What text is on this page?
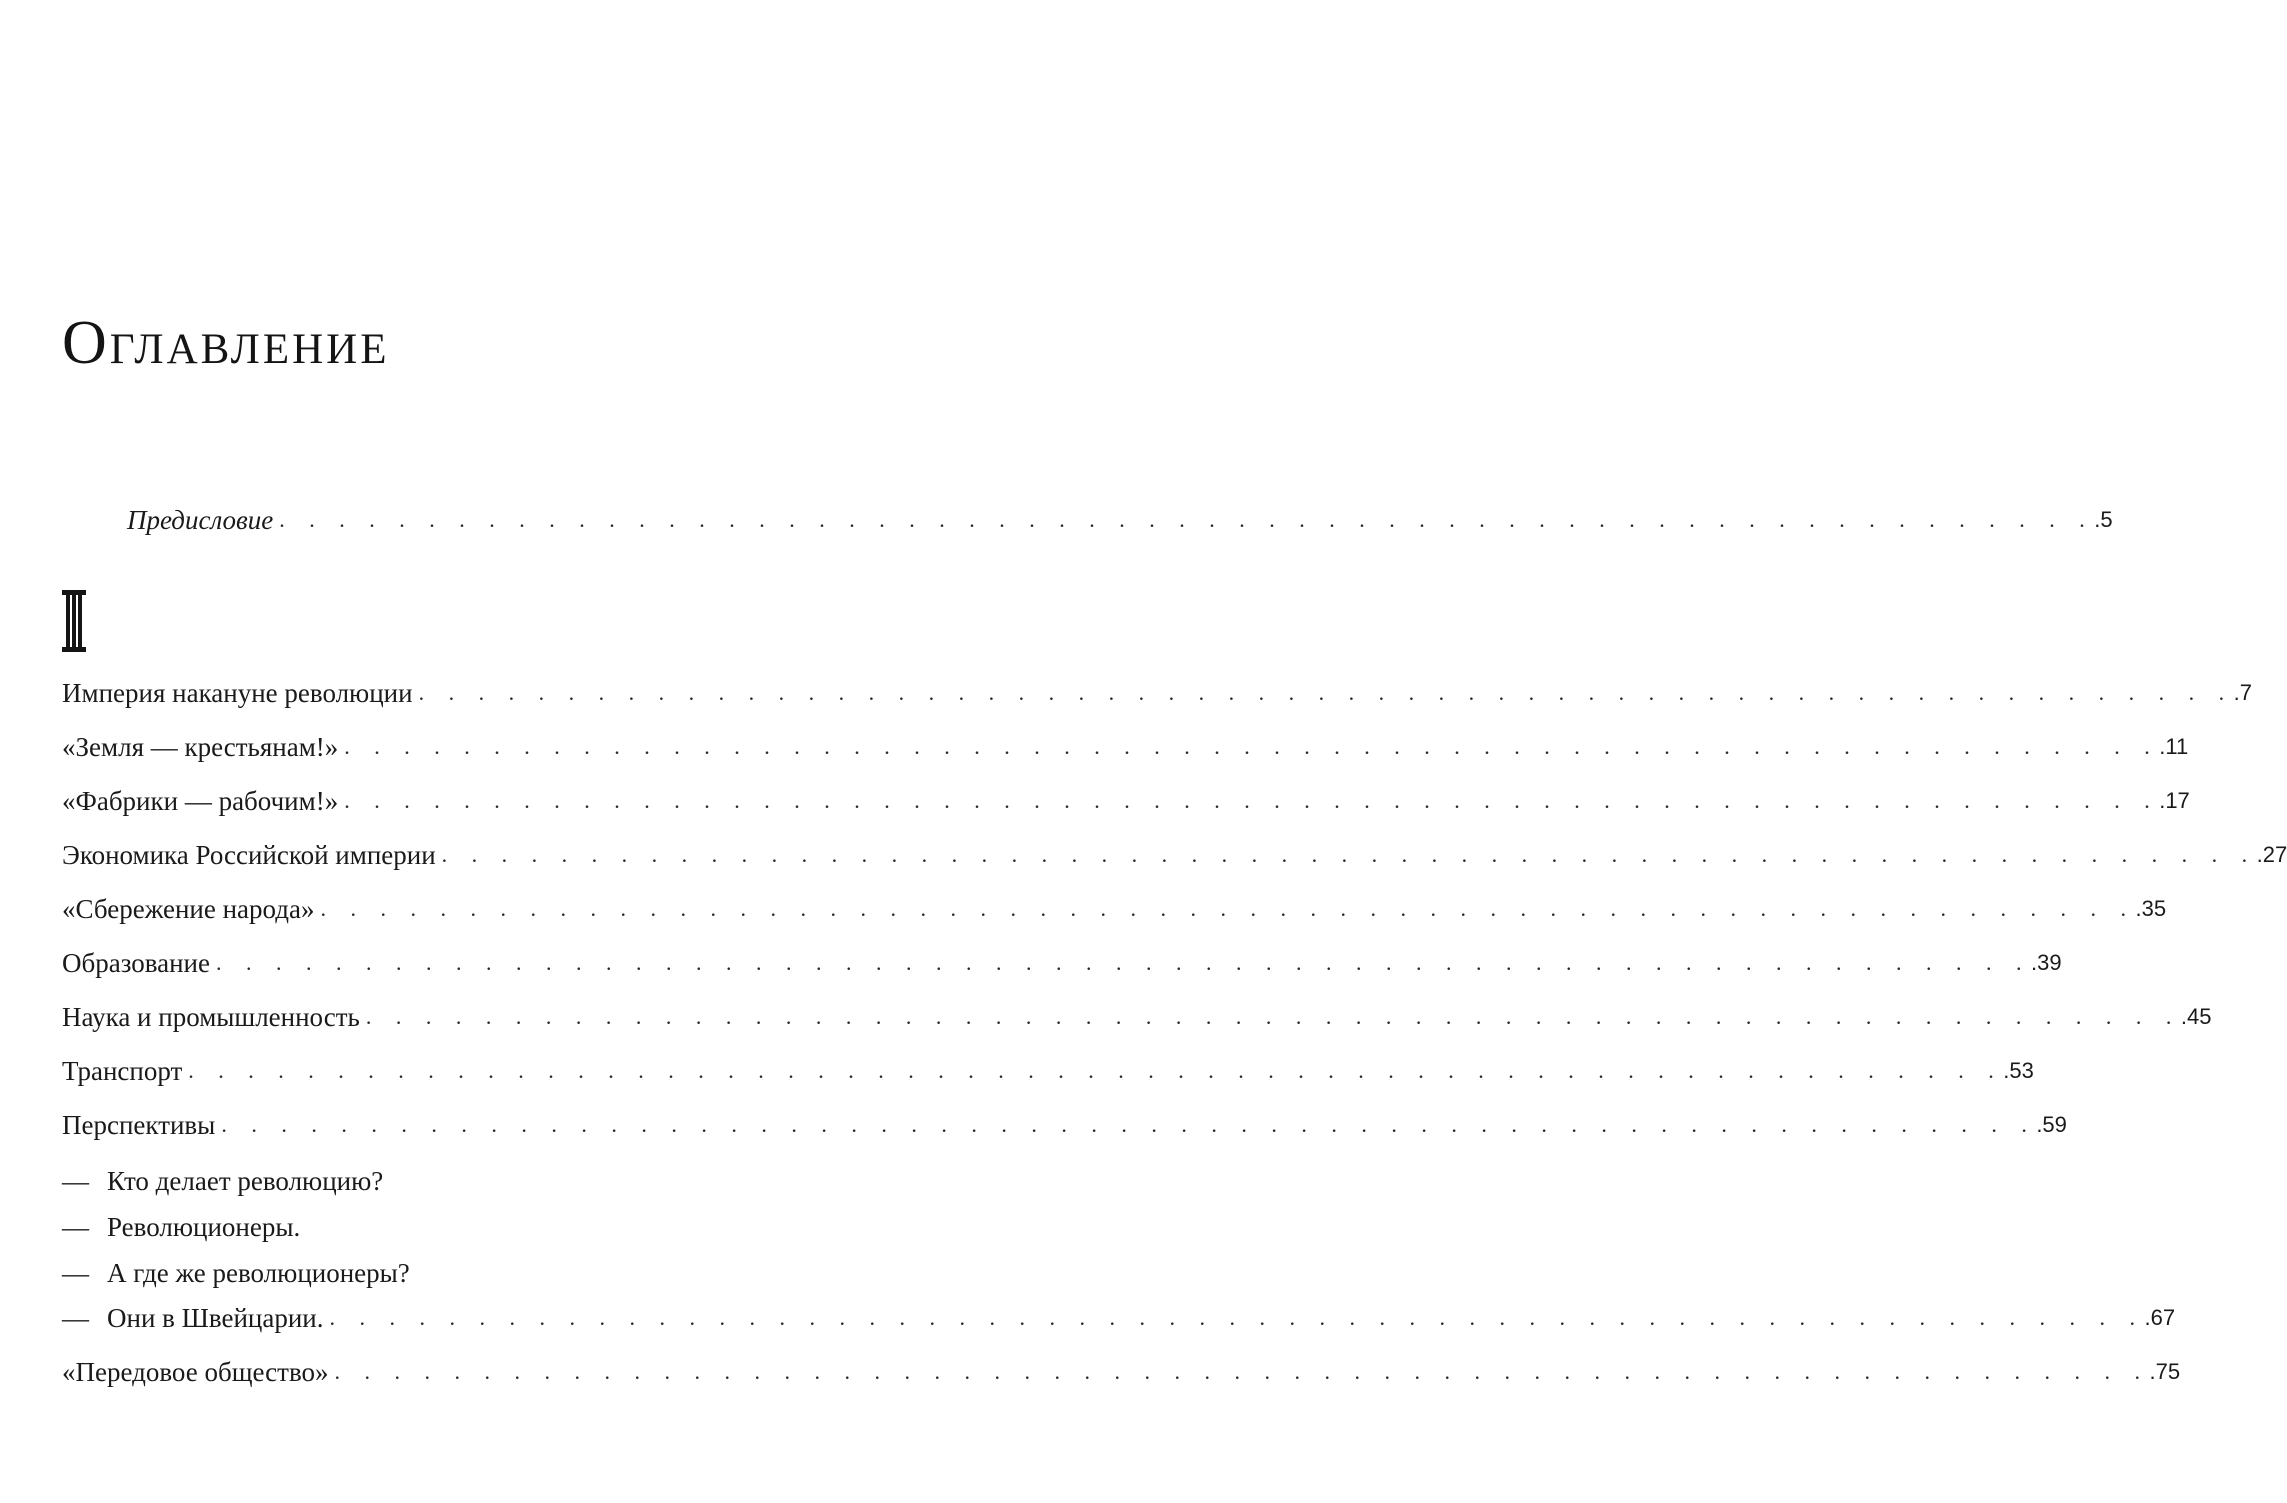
Оглавление
Предисловие . . . . . . . . . . . . . . . . . . . . . . . . . . . . . . . . . . . . . . . . . . . . . . . . . . . . . . . . . . . . . .5
Империя накануне революции . . . . . . . . . . . . . . . . . . . . . . . . . . . . . . . . . . . . . . . . . . . . . . . . . . . . . . . . . . . . . .7
«Земля — крестьянам!» . . . . . . . . . . . . . . . . . . . . . . . . . . . . . . . . . . . . . . . . . . . . . . . . . . . . . . . . . . . . . .11
«Фабрики — рабочим!» . . . . . . . . . . . . . . . . . . . . . . . . . . . . . . . . . . . . . . . . . . . . . . . . . . . . . . . . . . . . . .17
Экономика Российской империи . . . . . . . . . . . . . . . . . . . . . . . . . . . . . . . . . . . . . . . . . . . . . . . . . . . . . . . . . . . . . .27
«Сбережение народа» . . . . . . . . . . . . . . . . . . . . . . . . . . . . . . . . . . . . . . . . . . . . . . . . . . . . . . . . . . . . . .35
Образование . . . . . . . . . . . . . . . . . . . . . . . . . . . . . . . . . . . . . . . . . . . . . . . . . . . . . . . . . . . . . .39
Наука и промышленность . . . . . . . . . . . . . . . . . . . . . . . . . . . . . . . . . . . . . . . . . . . . . . . . . . . . . . . . . . . . . .45
Транспорт . . . . . . . . . . . . . . . . . . . . . . . . . . . . . . . . . . . . . . . . . . . . . . . . . . . . . . . . . . . . . .53
Перспективы . . . . . . . . . . . . . . . . . . . . . . . . . . . . . . . . . . . . . . . . . . . . . . . . . . . . . . . . . . . . . .59
— Кто делает революцию?
— Революционеры.
— А где же революционеры?
— Они в Швейцарии. . . . . . . . . . . . . . . . . . . . . . . . . . . . . . . . . . . . . . . . . . . . . . . . . . . . . . . . . . . . . . .67
«Передовое общество» . . . . . . . . . . . . . . . . . . . . . . . . . . . . . . . . . . . . . . . . . . . . . . . . . . . . . . . . . . . . . .75
